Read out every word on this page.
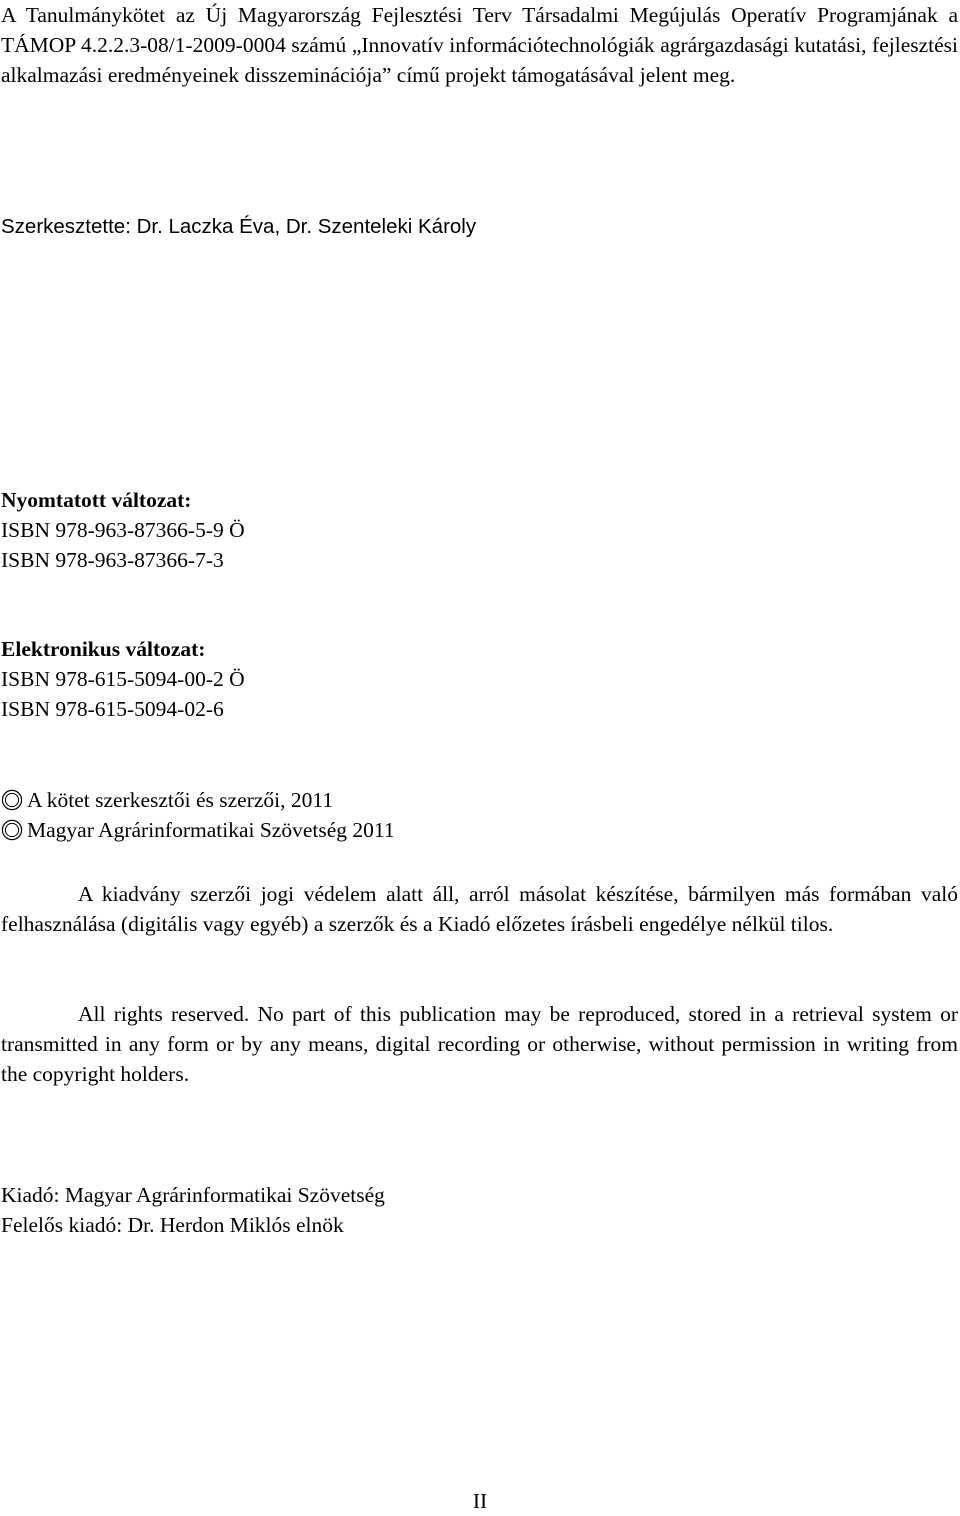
A Tanulmánykötet az Új Magyarország Fejlesztési Terv Társadalmi Megújulás Operatív Programjának a TÁMOP 4.2.2.3-08/1-2009-0004 számú „Innovatív információtechnológiák agrárgazdasági kutatási, fejlesztési alkalmazási eredményeinek disszeminációja” című projekt támogatásával jelent meg.

Szerkesztette: Dr. Laczka Éva, Dr. Szenteleki Károly

Nyomtatott változat:
ISBN 978-963-87366-5-9 Ö
ISBN 978-963-87366-7-3
Elektronikus változat:
ISBN 978-615-5094-00-2 Ö
ISBN 978-615-5094-02-6
A kötet szerkesztői és szerzői, 2011
Magyar Agrárinformatikai Szövetség 2011

A kiadvány szerzői jogi védelem alatt áll, arról másolat készítése, bármilyen más formában való felhasználása (digitális vagy egyéb) a szerzők és a Kiadó előzetes írásbeli engedélye nélkül tilos.

All rights reserved. No part of this publication may be reproduced, stored in a retrieval system or transmitted in any form or by any means, digital recording or otherwise, without permission in writing from the copyright holders.

Kiadó: Magyar Agrárinformatikai Szövetség
Felelős kiadó: Dr. Herdon Miklós elnök
II
